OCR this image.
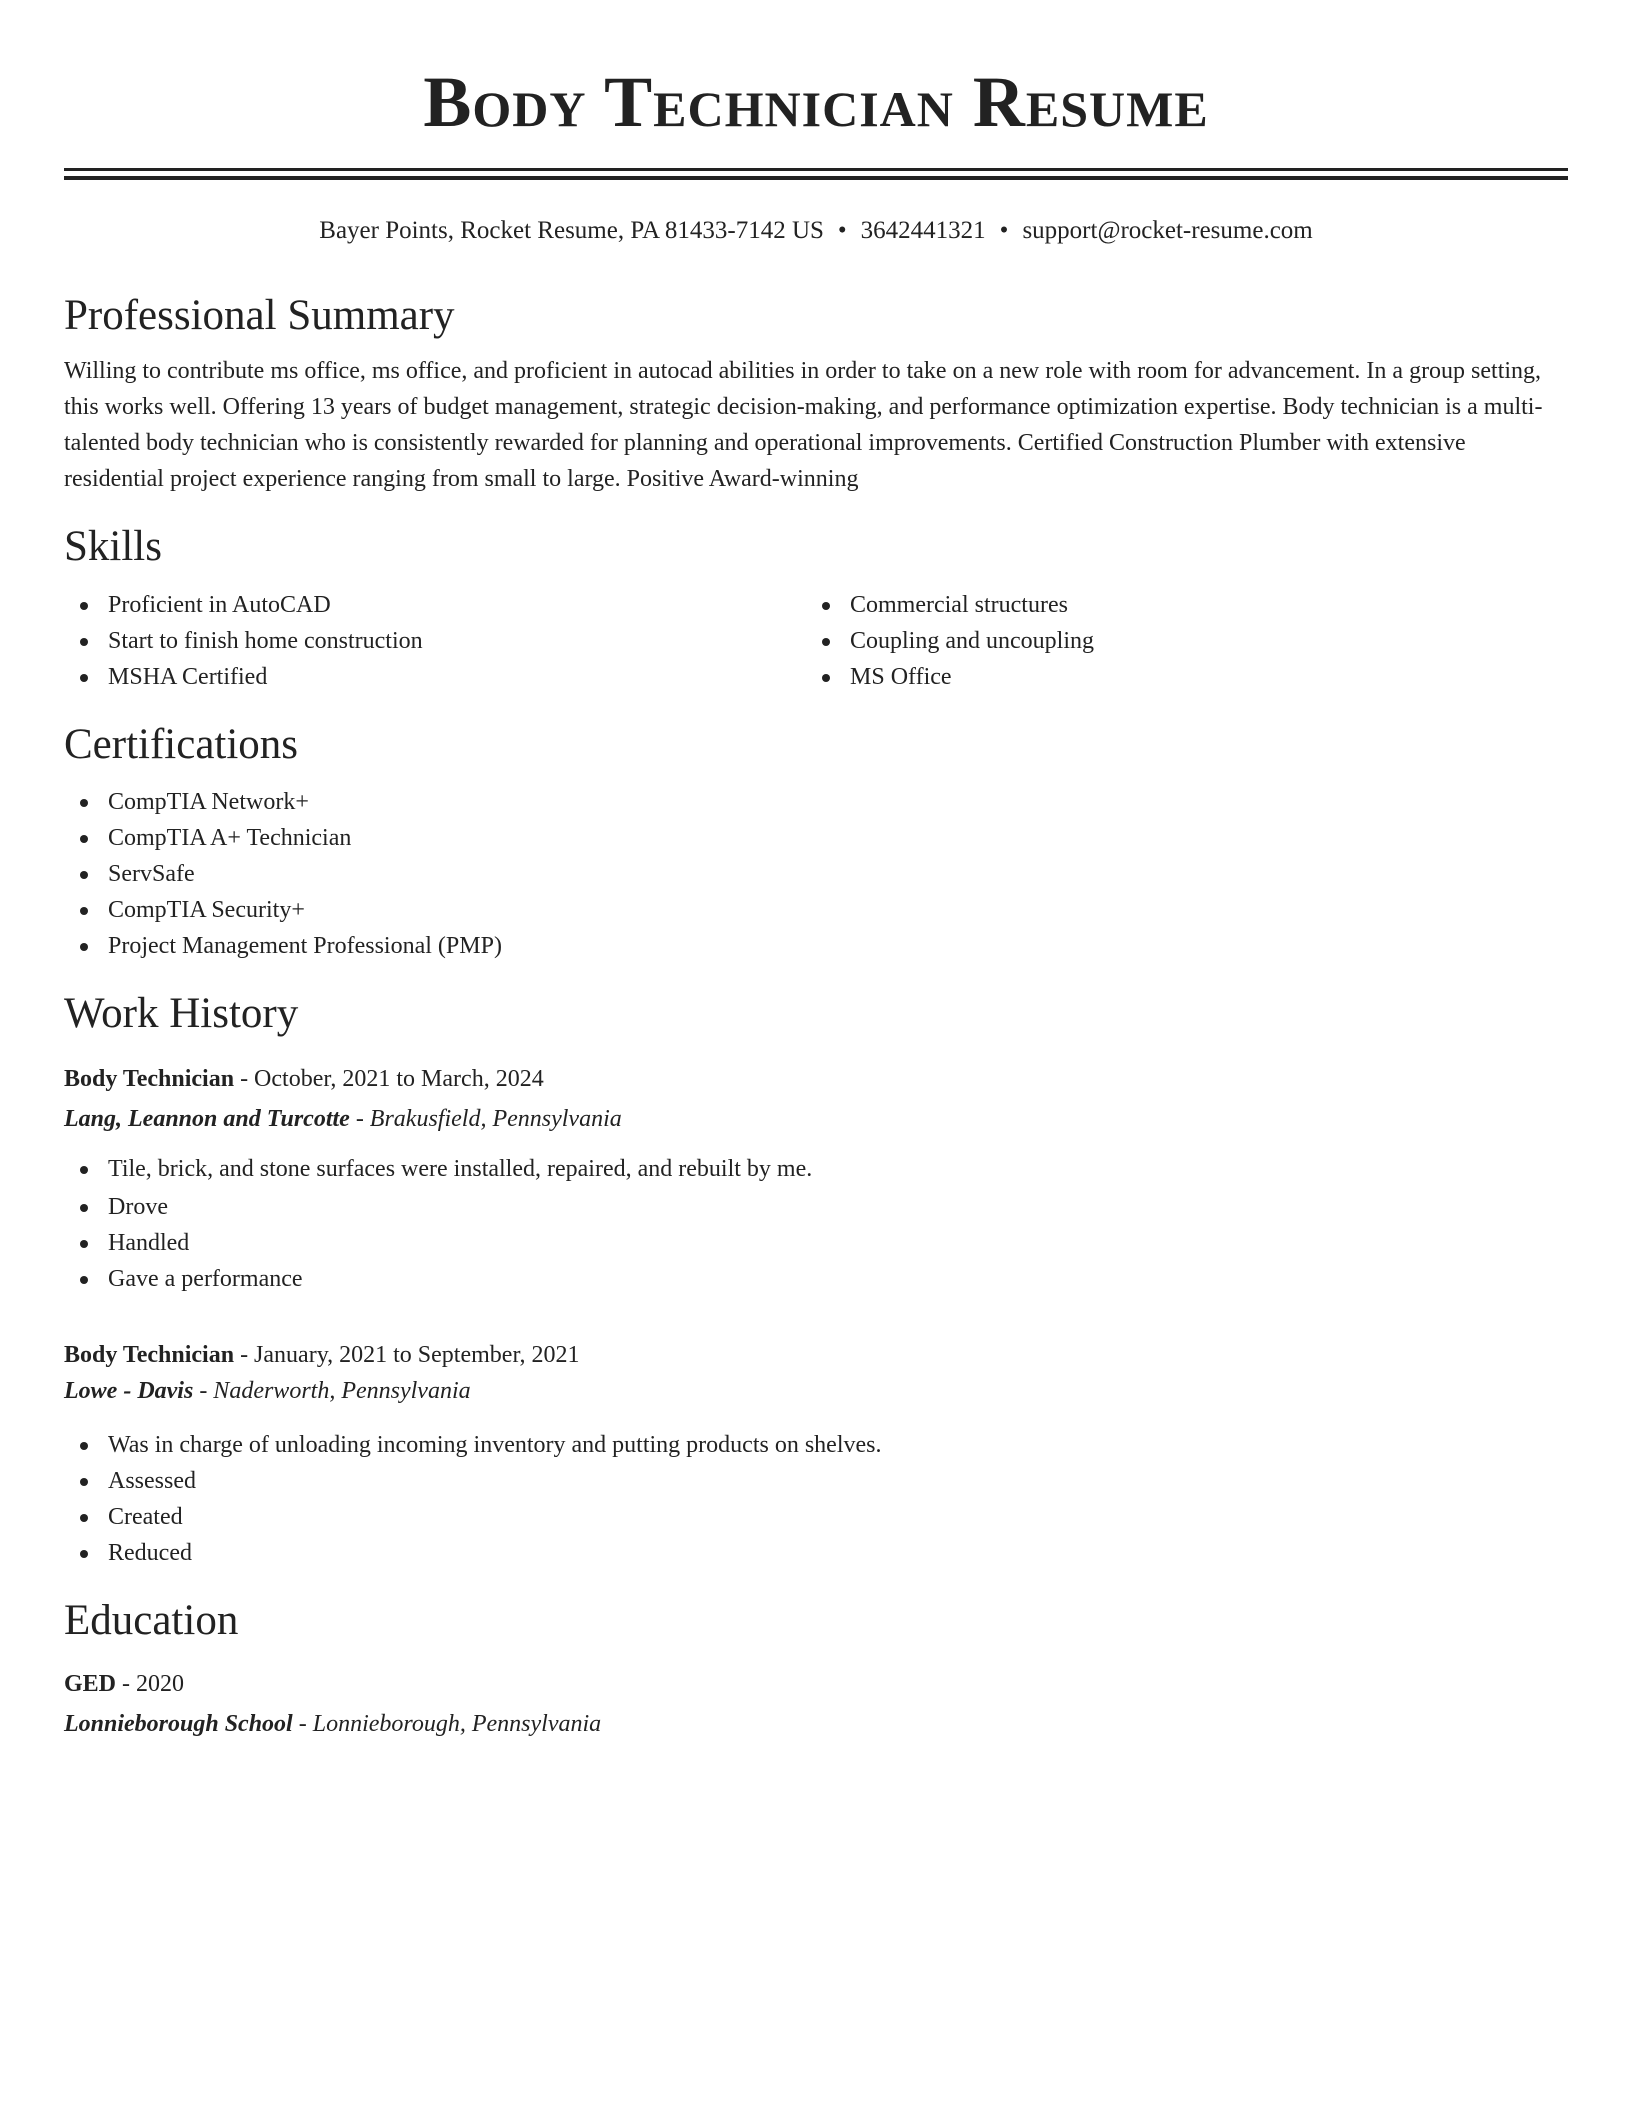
Body Technician Resume
Bayer Points, Rocket Resume, PA 81433-7142 US • 3642441321 • support@rocket-resume.com
Professional Summary

Willing to contribute ms office, ms office, and proficient in autocad abilities in order to take on a new role with room for advancement. In a group setting, this works well. Offering 13 years of budget management, strategic decision-making, and performance optimization expertise. Body technician is a multi-talented body technician who is consistently rewarded for planning and operational improvements. Certified Construction Plumber with extensive residential project experience ranging from small to large. Positive Award-winning

Skills
Proficient in AutoCAD
Start to finish home construction
MSHA Certified
Commercial structures
Coupling and uncoupling
MS Office
Certifications
CompTIA Network+
CompTIA A+ Technician
ServSafe
CompTIA Security+
Project Management Professional (PMP)
Work History
Body Technician - October, 2021 to March, 2024
Lang, Leannon and Turcotte - Brakusfield, Pennsylvania
Tile, brick, and stone surfaces were installed, repaired, and rebuilt by me.
Drove
Handled
Gave a performance
Body Technician - January, 2021 to September, 2021
Lowe - Davis - Naderworth, Pennsylvania
Was in charge of unloading incoming inventory and putting products on shelves.
Assessed
Created
Reduced
Education
GED - 2020
Lonnieborough School - Lonnieborough, Pennsylvania
